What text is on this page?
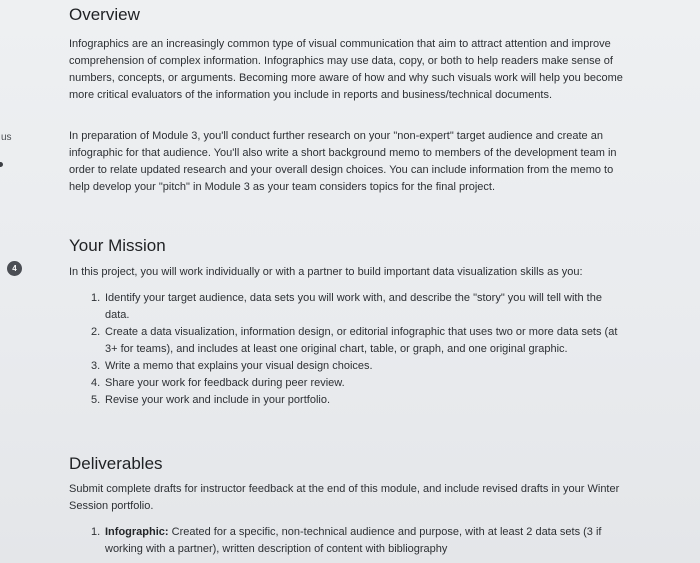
us
4
Overview

Infographics are an increasingly common type of visual communication that aim to attract attention and improve comprehension of complex information. Infographics may use data, copy, or both to help readers make sense of numbers, concepts, or arguments. Becoming more aware of how and why such visuals work will help you become more critical evaluators of the information you include in reports and business/technical documents.

In preparation of Module 3, you'll conduct further research on your "non-expert" target audience and create an infographic for that audience. You'll also write a short background memo to members of the development team in order to relate updated research and your overall design choices. You can include information from the memo to help develop your "pitch" in Module 3 as your team considers topics for the final project.

Your Mission

In this project, you will work individually or with a partner to build important data visualization skills as you:

1. Identify your target audience, data sets you will work with, and describe the "story" you will tell with the data.
2. Create a data visualization, information design, or editorial infographic that uses two or more data sets (at 3+ for teams), and includes at least one original chart, table, or graph, and one original graphic.
3. Write a memo that explains your visual design choices.
4. Share your work for feedback during peer review.
5. Revise your work and include in your portfolio.
Deliverables

Submit complete drafts for instructor feedback at the end of this module, and include revised drafts in your Winter Session portfolio.

1. Infographic: Created for a specific, non-technical audience and purpose, with at least 2 data sets (3 if working with a partner), written description of content with bibliography
